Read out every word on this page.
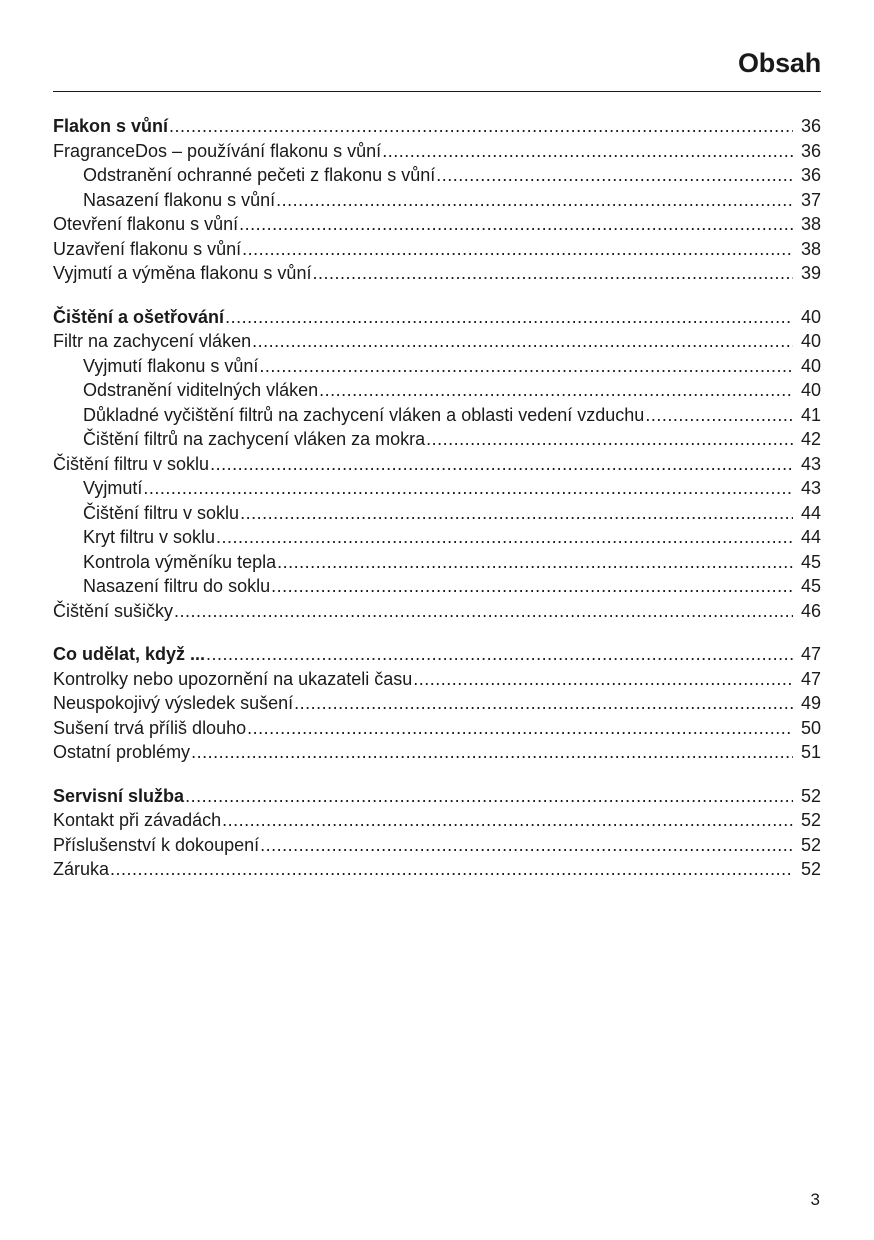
Obsah
Flakon s vůní .....	36
FragranceDos – používání flakonu s vůní .....	36
Odstranění ochranné pečeti z flakonu s vůní .....	36
Nasazení flakonu s vůní .....	37
Otevření flakonu s vůní .....	38
Uzavření flakonu s vůní .....	38
Vyjmutí a výměna flakonu s vůní .....	39
Čištění a ošetřování .....	40
Filtr na zachycení vláken .....	40
Vyjmutí flakonu s vůní .....	40
Odstranění viditelných vláken .....	40
Důkladné vyčištění filtrů na zachycení vláken a oblasti vedení vzduchu .....	41
Čištění filtrů na zachycení vláken za mokra .....	42
Čištění filtru v soklu .....	43
Vyjmutí .....	43
Čištění filtru v soklu .....	44
Kryt filtru v soklu .....	44
Kontrola výměníku tepla .....	45
Nasazení filtru do soklu .....	45
Čištění sušičky .....	46
Co udělat, když ... .....	47
Kontrolky nebo upozornění na ukazateli času .....	47
Neuspokojivý výsledek sušení .....	49
Sušení trvá příliš dlouho .....	50
Ostatní problémy .....	51
Servisní služba .....	52
Kontakt při závadách .....	52
Příslušenství k dokoupení .....	52
Záruka .....	52
3
